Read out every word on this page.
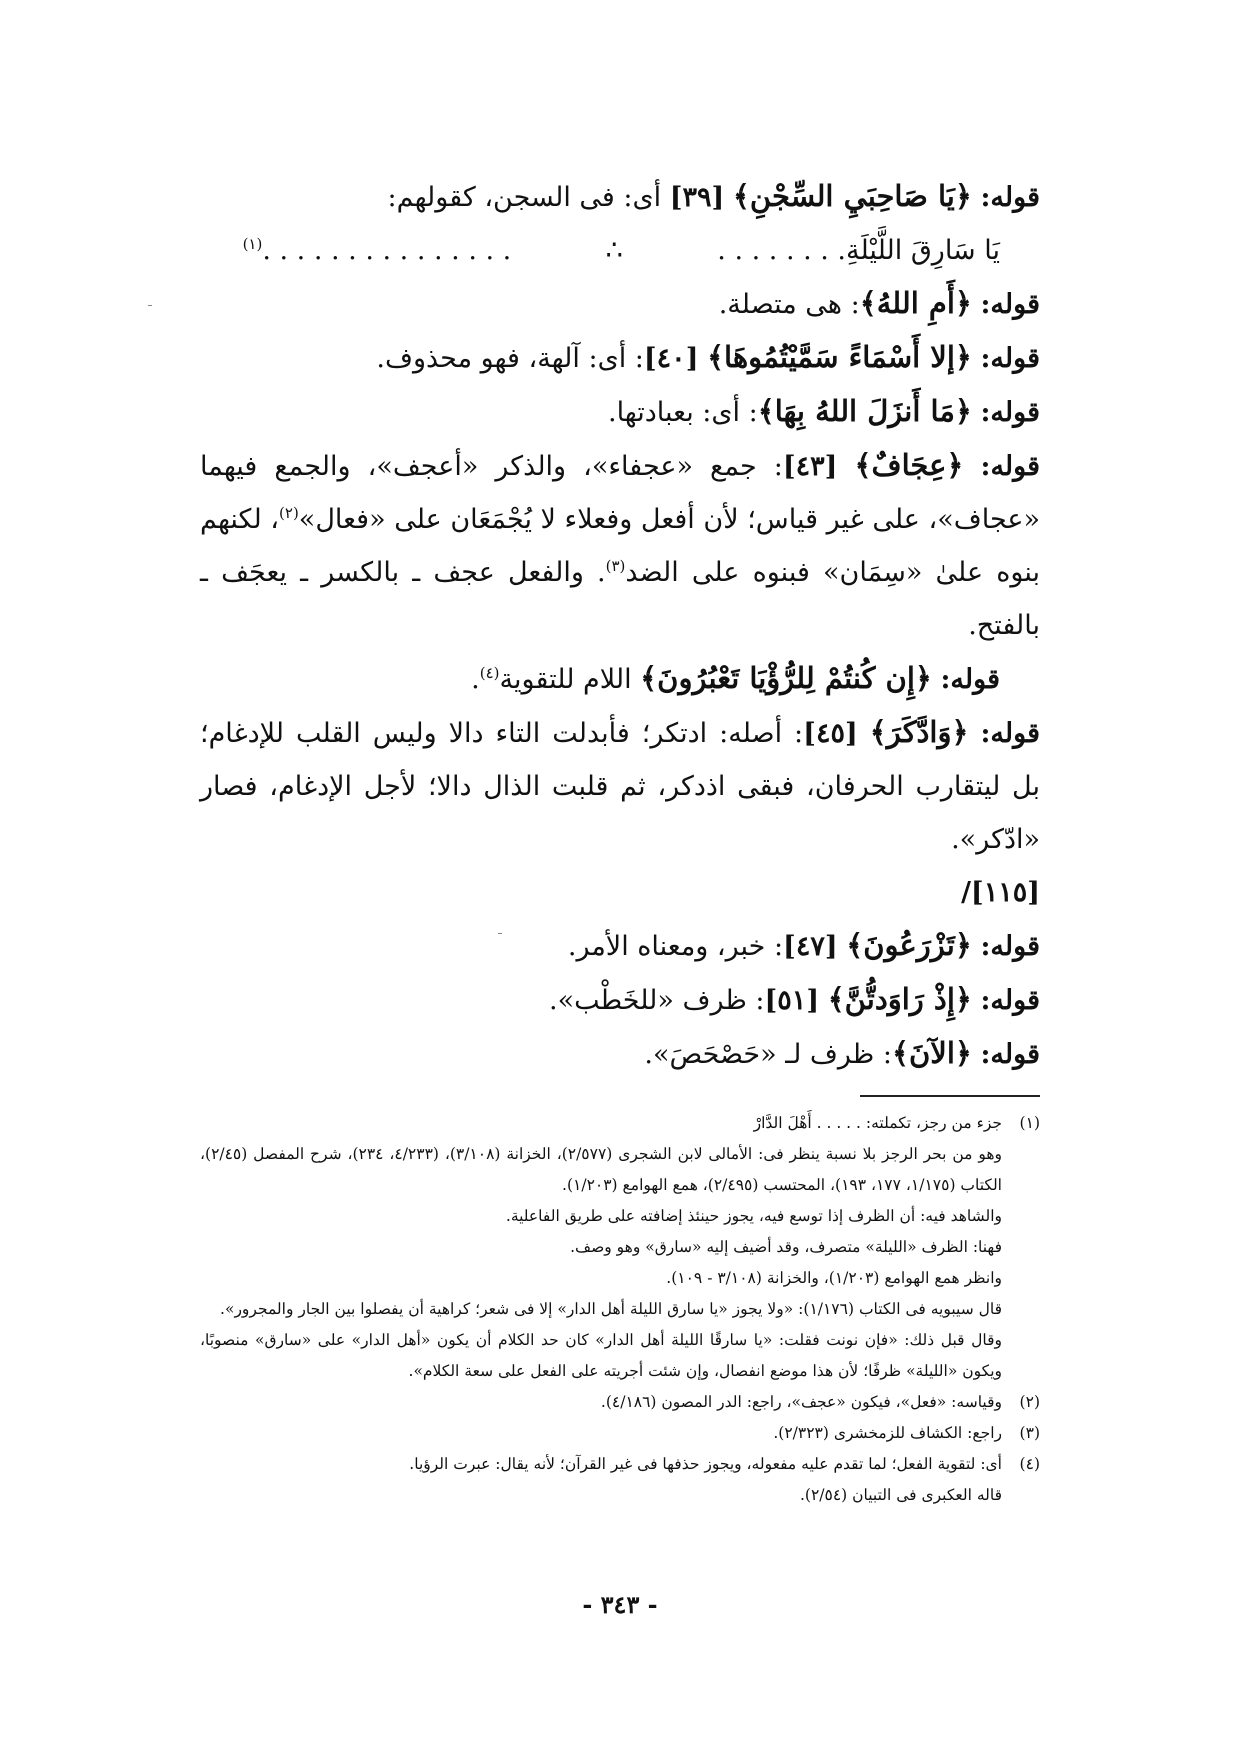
قوله: ﴿يَا صَاحِبَيِ السِّجْنِ﴾ [٣٩] أى: فى السجن، كقولهم:

يَا سَارِقَ اللَّيْلَةِ. . . . . . . .           ∴           . . . . . . . . . . . . . . .$^{(١)}$

قوله: ﴿أَمِ اللهُ﴾: هى متصلة.

قوله: ﴿إلا أَسْمَاءً سَمَّيْتُمُوهَا﴾ [٤٠]: أى: آلهة، فهو محذوف.

قوله: ﴿مَا أَنزَلَ اللهُ بِهَا﴾: أى: بعبادتها.

قوله: ﴿عِجَافٌ﴾ [٤٣]: جمع «عجفاء»، والذكر «أعجف»، والجمع فيهما «عجاف»، على غير قياس؛ لأن أفعل وفعلاء لا يُجْمَعَان على «فعال»$^{(٢)}$، لكنهم بنوه علىٰ «سِمَان» فبنوه على الضد$^{(٣)}$. والفعل عجف ـ بالكسر ـ يعجَف ـ بالفتح.

قوله: ﴿إِن كُنتُمْ لِلرُّؤْيَا تَعْبُرُونَ﴾ اللام للتقوية$^{(٤)}$.

قوله: ﴿وَادَّكَرَ﴾ [٤٥]: أصله: ادتكر؛ فأبدلت التاء دالا وليس القلب للإدغام؛ بل ليتقارب الحرفان، فبقى اذدكر، ثم قلبت الذال دالا؛ لأجل الإدغام، فصار «ادّكر».

[١١٥]/

قوله: ﴿تَزْرَعُونَ﴾ [٤٧]: خبر، ومعناه الأمر.

قوله: ﴿إِذْ رَاوَدتُّنَّ﴾ [٥١]: ظرف «للخَطْب».

قوله: ﴿الآنَ﴾: ظرف لـ «حَصْحَصَ».

(١)جزء من رجز، تكملته: . . . . . أَهْلَ الدَّارْ

وهو من بحر الرجز بلا نسبة ينظر فى: الأمالى لابن الشجرى (٢/٥٧٧)، الخزانة (٣/١٠٨)، (٤/٢٣٣، ٢٣٤)، شرح المفصل (٢/٤٥)، الكتاب (١/١٧٥، ١٧٧، ١٩٣)، المحتسب (٢/٤٩٥)، همع الهوامع (١/٢٠٣).

والشاهد فيه: أن الظرف إذا توسع فيه، يجوز حينئذ إضافته على طريق الفاعلية.

فهنا: الظرف «الليلة» متصرف، وقد أضيف إليه «سارق» وهو وصف.

وانظر همع الهوامع (١/٢٠٣)، والخزانة (٣/١٠٨ - ١٠٩).

قال سيبويه فى الكتاب (١/١٧٦): «ولا يجوز «يا سارق الليلة أهل الدار» إلا فى شعر؛ كراهية أن يفصلوا بين الجار والمجرور».

وقال قبل ذلك: «فإن نونت فقلت: «يا سارقًا الليلة أهل الدار» كان حد الكلام أن يكون «أهل الدار» على «سارق» منصوبًا، ويكون «الليلة» ظرفًا؛ لأن هذا موضع انفصال، وإن شئت أجريته على الفعل على سعة الكلام».

(٢)وقياسه: «فعل»، فيكون «عجف»، راجع: الدر المصون (٤/١٨٦).

(٣)راجع: الكشاف للزمخشرى (٢/٣٢٣).

(٤)أى: لتقوية الفعل؛ لما تقدم عليه مفعوله، ويجوز حذفها فى غير القرآن؛ لأنه يقال: عبرت الرؤيا.

قاله العكبرى فى التبيان (٢/٥٤).

- ٣٤٣ -
